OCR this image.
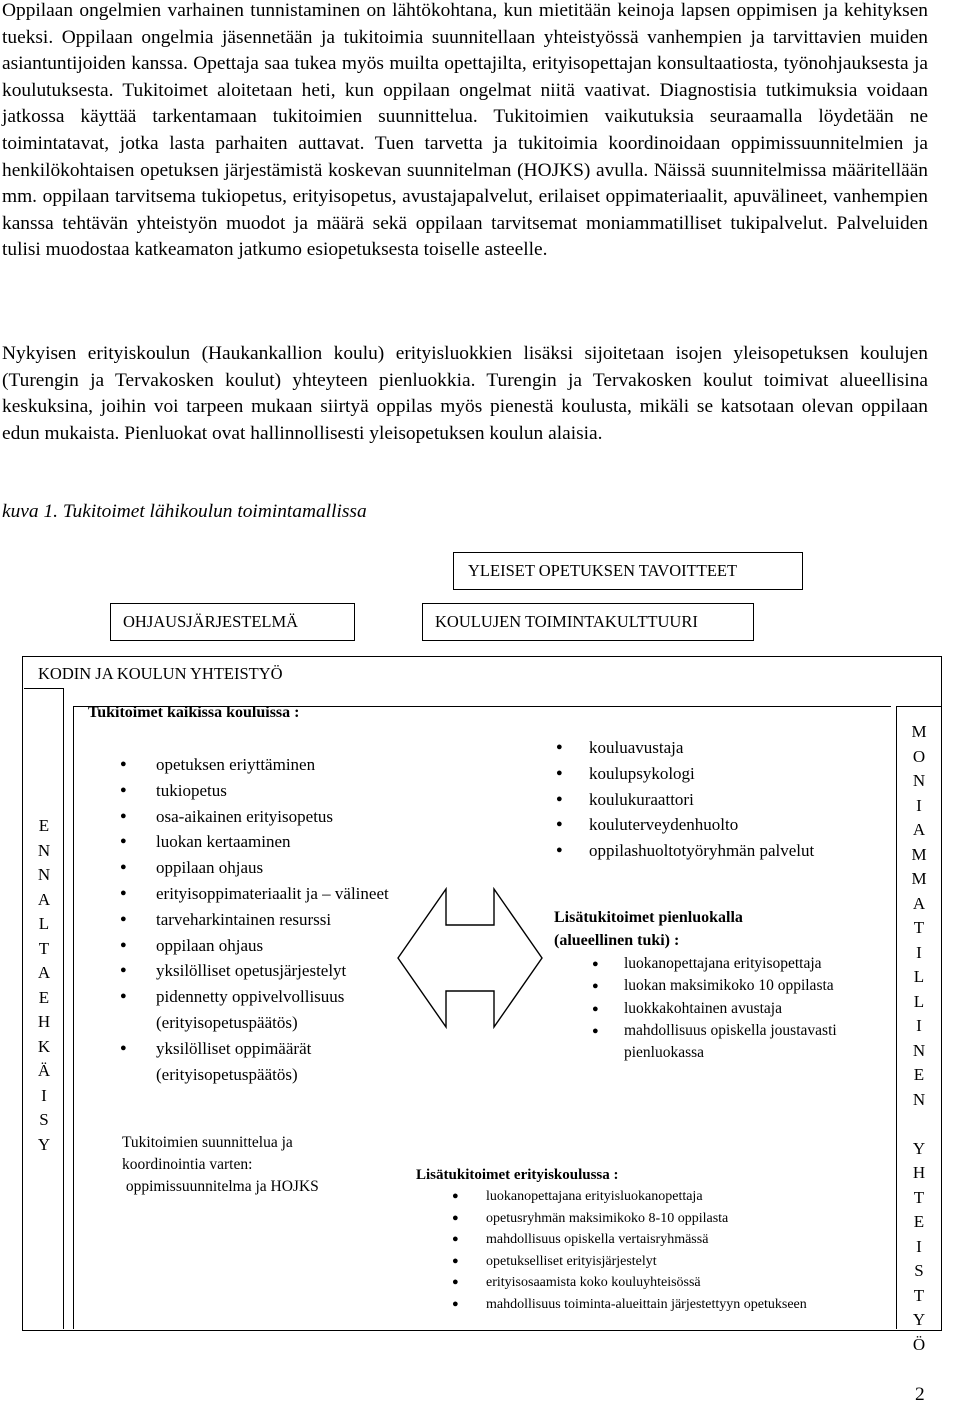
Oppilaan ongelmien varhainen tunnistaminen on lähtökohtana, kun mietitään keinoja lapsen oppimisen ja kehityksen tueksi. Oppilaan ongelmia jäsennetään ja tukitoimia suunnitellaan yhteistyössä vanhempien ja tarvittavien muiden asiantuntijoiden kanssa. Opettaja saa tukea myös muilta opettajilta, erityisopettajan konsultaatiosta, työnohjauksesta ja koulutuksesta. Tukitoimet aloitetaan heti, kun oppilaan ongelmat niitä vaativat. Diagnostisia tutkimuksia voidaan jatkossa käyttää tarkentamaan tukitoimien suunnittelua. Tukitoimien vaikutuksia seuraamalla löydetään ne toimintatavat, jotka lasta parhaiten auttavat. Tuen tarvetta ja tukitoimia koordinoidaan oppimissuunnitelmien ja henkilökohtaisen opetuksen järjestämistä koskevan suunnitelman (HOJKS) avulla. Näissä suunnitelmissa määritellään mm. oppilaan tarvitsema tukiopetus, erityisopetus, avustajapalvelut, erilaiset oppimateriaalit, apuvälineet, vanhempien kanssa tehtävän yhteistyön muodot ja määrä sekä oppilaan tarvitsemat moniammatilliset tukipalvelut. Palveluiden tulisi muodostaa katkeamaton jatkumo esiopetuksesta toiselle asteelle.

Nykyisen erityiskoulun (Haukankallion koulu) erityisluokkien lisäksi sijoitetaan isojen yleisopetuksen koulujen (Turengin ja Tervakosken koulut) yhteyteen pienluokkia. Turengin ja Tervakosken koulut toimivat alueellisina keskuksina, joihin voi tarpeen mukaan siirtyä oppilas myös pienestä koulusta, mikäli se katsotaan olevan oppilaan edun mukaista. Pienluokat ovat hallinnollisesti yleisopetuksen koulun alaisia.

kuva 1. Tukitoimet lähikoulun toimintamallissa
YLEISET OPETUKSEN TAVOITTEET
OHJAUSJÄRJESTELMÄ	KOULUJEN TOIMINTAKULTTUURI
KODIN JA KOULUN YHTEISTYÖ
E
N
N
A
L
T
A
E
H
K
Ä
I
S
Y
M
O
N
I
A
M
M
A
T
I
L
L
I
N
E
N

Y
H
T
E
I
S
T
Y
Ö
Tukitoimet kaikissa kouluissa :
● opetuksen eriyttäminen
● tukiopetus
● osa-aikainen erityisopetus
● luokan kertaaminen
● oppilaan ohjaus
● erityisoppimateriaalit ja – välineet
● tarveharkintainen resurssi
● oppilaan ohjaus
● yksilölliset opetusjärjestelyt
● pidennetty oppivelvollisuus (erityisopetuspäätös)
● yksilölliset oppimäärät (erityisopetuspäätös)
Tukitoimien suunnittelua ja
koordinointia varten:
oppimissuunnitelma ja HOJKS
● kouluavustaja
● koulupsykologi
● koulukuraattori
● kouluterveydenhuolto
● oppilashuoltotyöryhmän palvelut
Lisätukitoimet pienluokalla
(alueellinen tuki) :
● luokanopettajana erityisopettaja
● luokan maksimikoko 10 oppilasta
● luokkakohtainen avustaja
● mahdollisuus opiskella joustavasti pienluokassa
Lisätukitoimet erityiskoulussa :
● luokanopettajana erityisluokanopettaja
● opetusryhmän maksimikoko 8-10 oppilasta
● mahdollisuus opiskella vertaisryhmässä
● opetukselliset erityisjärjestelyt
● erityisosaamista koko kouluyhteisössä
● mahdollisuus toiminta-alueittain järjestettyyn opetukseen
2
